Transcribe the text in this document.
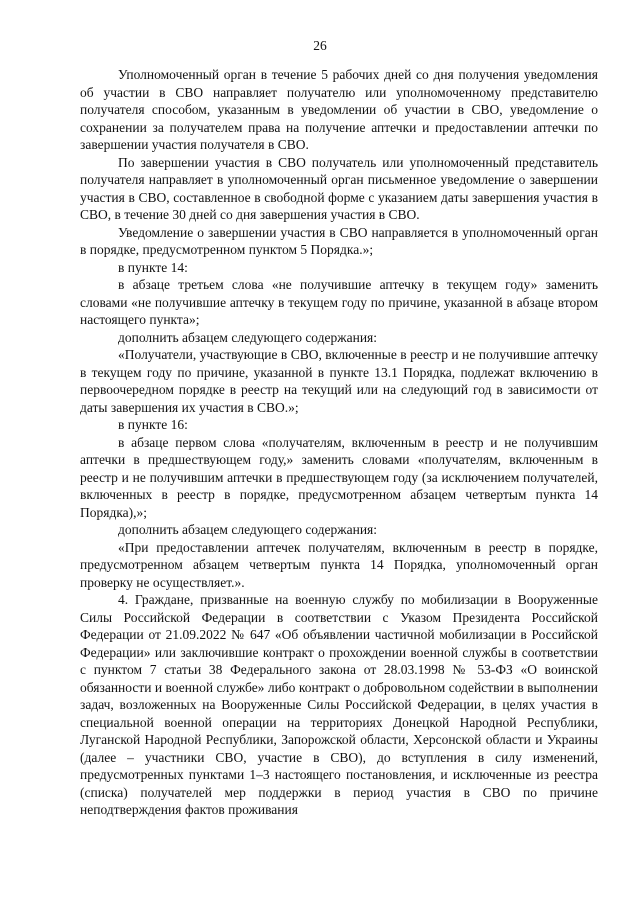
26

Уполномоченный орган в течение 5 рабочих дней со дня получения уведомления об участии в СВО направляет получателю или уполномоченному представителю получателя способом, указанным в уведомлении об участии в СВО, уведомление о сохранении за получателем права на получение аптечки и предоставлении аптечки по завершении участия получателя в СВО.

По завершении участия в СВО получатель или уполномоченный представитель получателя направляет в уполномоченный орган письменное уведомление о завершении участия в СВО, составленное в свободной форме с указанием даты завершения участия в СВО, в течение 30 дней со дня завершения участия в СВО.

Уведомление о завершении участия в СВО направляется в уполномоченный орган в порядке, предусмотренном пунктом 5 Порядка.»;

в пункте 14:

в абзаце третьем слова «не получившие аптечку в текущем году» заменить словами «не получившие аптечку в текущем году по причине, указанной в абзаце втором настоящего пункта»;

дополнить абзацем следующего содержания:

«Получатели, участвующие в СВО, включенные в реестр и не получившие аптечку в текущем году по причине, указанной в пункте 13.1 Порядка, подлежат включению в первоочередном порядке в реестр на текущий или на следующий год в зависимости от даты завершения их участия в СВО.»;

в пункте 16:

в абзаце первом слова «получателям, включенным в реестр и не получившим аптечки в предшествующем году,» заменить словами «получателям, включенным в реестр и не получившим аптечки в предшествующем году (за исключением получателей, включенных в реестр в порядке, предусмотренном абзацем четвертым пункта 14 Порядка),»;

дополнить абзацем следующего содержания:

«При предоставлении аптечек получателям, включенным в реестр в порядке, предусмотренном абзацем четвертым пункта 14 Порядка, уполномоченный орган проверку не осуществляет.».

4. Граждане, призванные на военную службу по мобилизации в Вооруженные Силы Российской Федерации в соответствии с Указом Президента Российской Федерации от 21.09.2022 № 647 «Об объявлении частичной мобилизации в Российской Федерации» или заключившие контракт о прохождении военной службы в соответствии с пунктом 7 статьи 38 Федерального закона от 28.03.1998 № 53-ФЗ «О воинской обязанности и военной службе» либо контракт о добровольном содействии в выполнении задач, возложенных на Вооруженные Силы Российской Федерации, в целях участия в специальной военной операции на территориях Донецкой Народной Республики, Луганской Народной Республики, Запорожской области, Херсонской области и Украины (далее – участники СВО, участие в СВО), до вступления в силу изменений, предусмотренных пунктами 1–3 настоящего постановления, и исключенные из реестра (списка) получателей мер поддержки в период участия в СВО по причине неподтверждения фактов проживания
